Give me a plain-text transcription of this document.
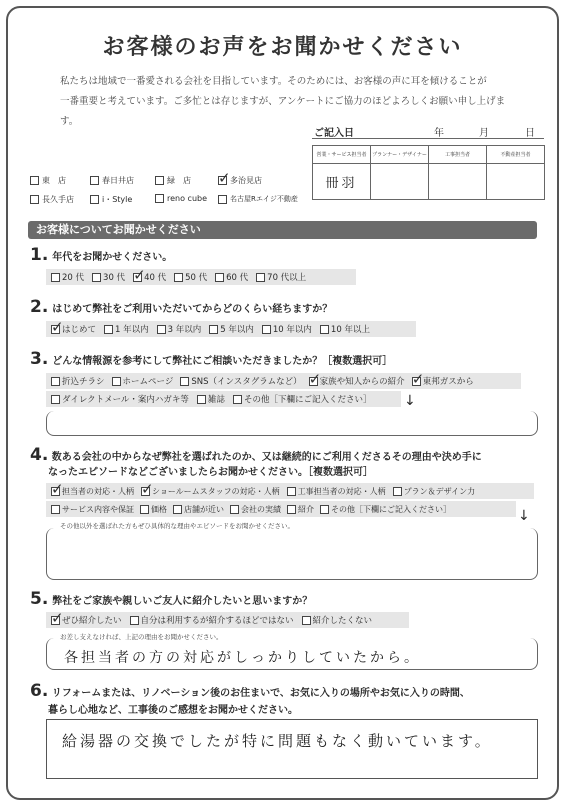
お客様のお声をお聞かせください
私たちは地域で一番愛される会社を目指しています。そのためには、お客様の声に耳を傾けることが
一番重要と考えています。ご多忙とは存じますが、アンケートにご協力のほどよろしくお願い申し上げます。
ご記入日	年	月	日
営業・サービス担当者	プランナー・デザイナー	工事担当者	不動産担当者
冊羽			
東　店	春日井店	緑　店 ✓	多治見店
長久手店	i・Style	reno cube	名古屋Rエイジ不動産
お客様についてお聞かせください
1. 年代をお聞かせください。
20 代 30 代 ✓ 40 代 50 代 60 代 70 代以上
2. はじめて弊社をご利用いただいてからどのくらい経ちますか？
✓
はじめて 1 年以内 3 年以内 5 年以内 10 年以内 10 年以上
3. どんな情報源を参考にして弊社にご相談いただきましたか？［複数選択可］
折込チラシ ホームページ SNS（インスタグラムなど） ✓ 家族や知人からの紹介 ✓ 東邦ガスから
ダイレクトメール・案内ハガキ等 雑誌 その他［下欄にご記入ください］ ↓
4. 数ある会社の中からなぜ弊社を選ばれたのか、又は継続的にご利用くださるその理由や決め手に
なったエピソードなどございましたらお聞かせください。［複数選択可］
✓
担当者の対応・人柄 ✓ ショールームスタッフの対応・人柄 工事担当者の対応・人柄 プラン＆デザイン力
サービス内容や保証 価格 店舗が近い 会社の実績 紹介 その他［下欄にご記入ください］	↓
その他以外を選ばれた方もぜひ具体的な理由やエピソードをお聞かせください。
5. 弊社をご家族や親しいご友人に紹介したいと思いますか？
✓
ぜひ紹介したい 自分は利用するが紹介するほどではない 紹介したくない
お差し支えなければ、上記の理由をお聞かせください。
各担当者の方の対応がしっかりしていたから。
6. リフォームまたは、リノベーション後のお住まいで、お気に入りの場所やお気に入りの時間、
暮らし心地など、工事後のご感想をお聞かせください。
給湯器の交換でしたが特に問題もなく動いています。
